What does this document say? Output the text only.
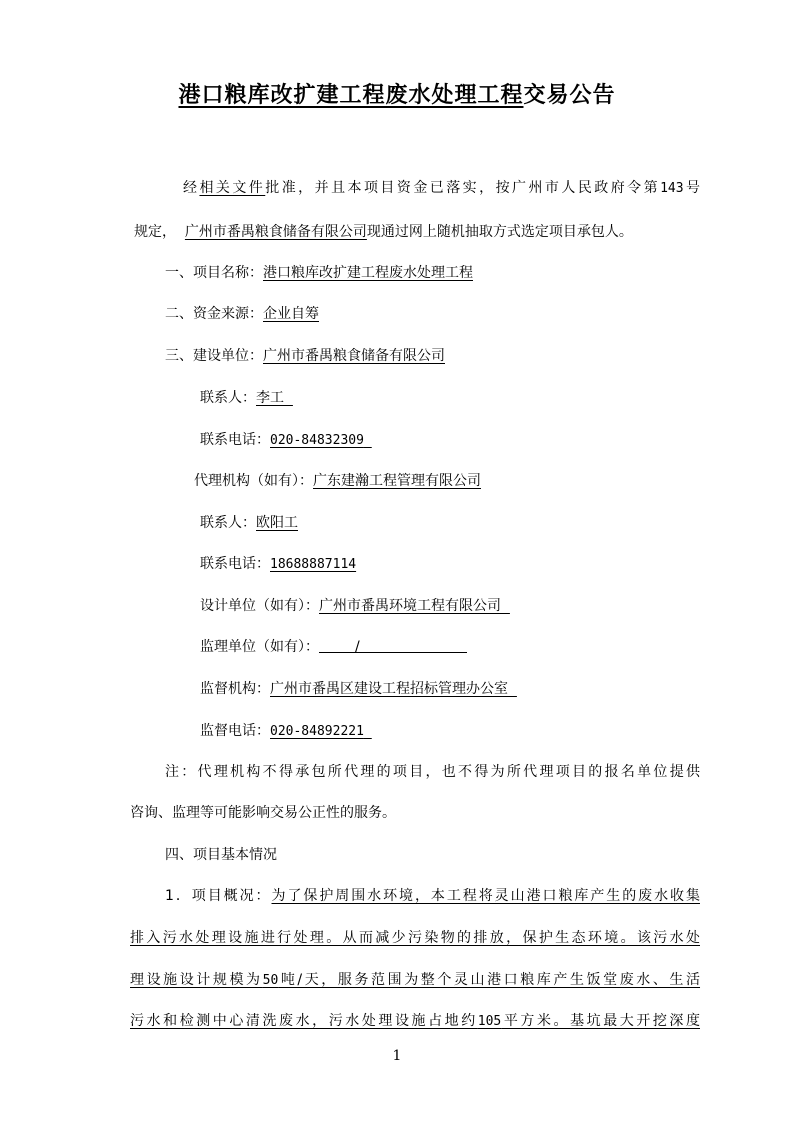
港口粮库改扩建工程废水处理工程交易公告
经相关文件批准，并且本项目资金已落实，按广州市人民政府令第143号
规定， 广州市番禺粮食储备有限公司现通过网上随机抽取方式选定项目承包人。
一、项目名称：港口粮库改扩建工程废水处理工程
二、资金来源：企业自筹
三、建设单位：广州市番禺粮食储备有限公司
联系人：李工
联系电话：020-84832309
代理机构（如有）：广东建瀚工程管理有限公司
联系人：欧阳工
联系电话：18688887114
设计单位（如有）：广州市番禺环境工程有限公司
监理单位（如有）：	/
监督机构：广州市番禺区建设工程招标管理办公室
监督电话：020-84892221
注：代理机构不得承包所代理的项目，也不得为所代理项目的报名单位提供
咨询、监理等可能影响交易公正性的服务。
四、项目基本情况
1．项目概况：为了保护周围水环境，本工程将灵山港口粮库产生的废水收集
排入污水处理设施进行处理。从而减少污染物的排放，保护生态环境。该污水处
理设施设计规模为50吨/天，服务范围为整个灵山港口粮库产生饭堂废水、生活
污水和检测中心清洗废水，污水处理设施占地约105平方米。基坑最大开挖深度
1
